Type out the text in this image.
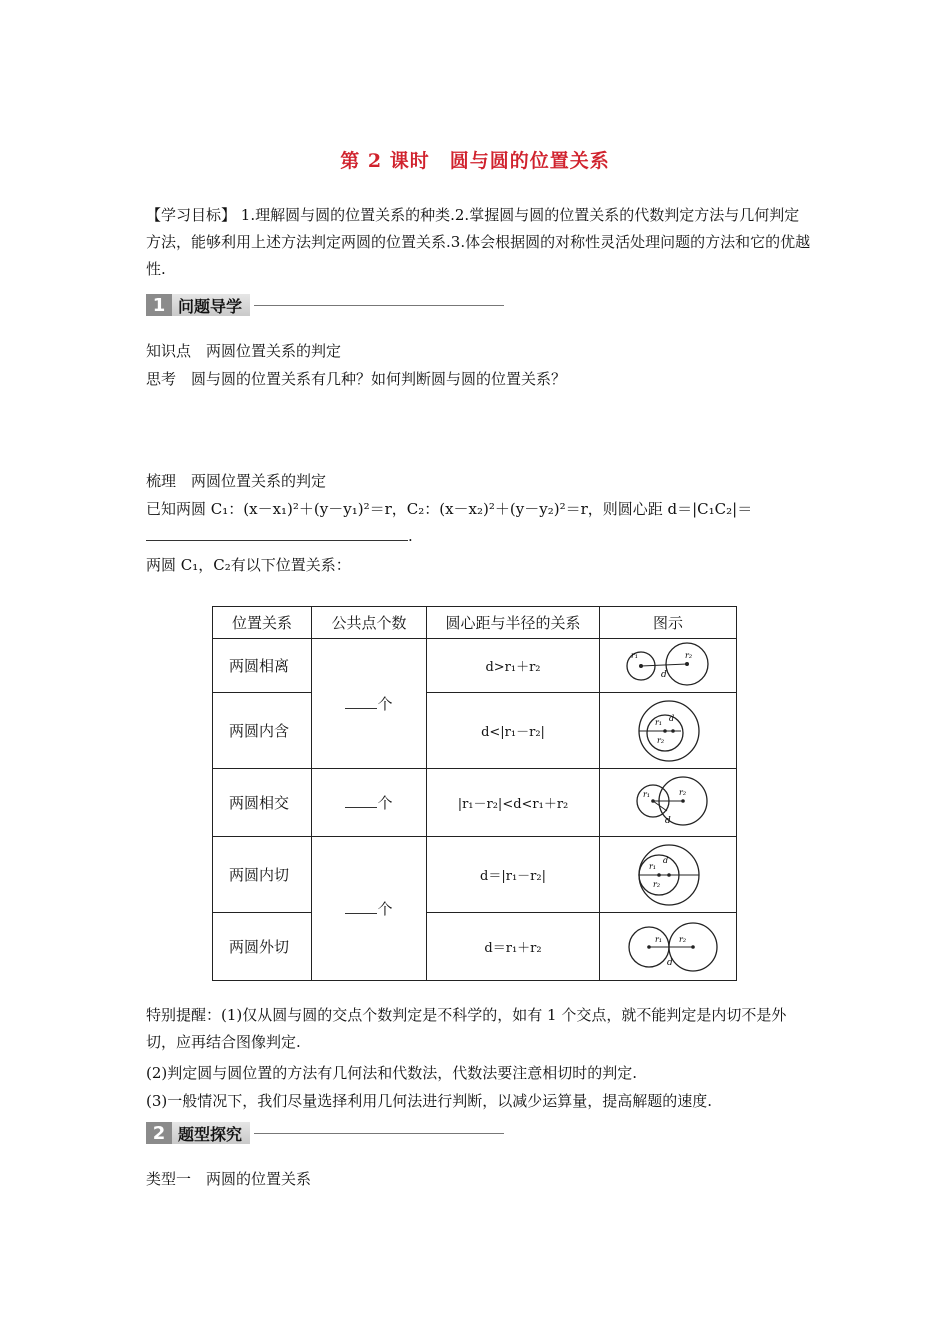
第 2 课时　圆与圆的位置关系
【学习目标】 1.理解圆与圆的位置关系的种类.2.掌握圆与圆的位置关系的代数判定方法与几何判定方法，能够利用上述方法判定两圆的位置关系.3.体会根据圆的对称性灵活处理问题的方法和它的优越性.
1 问题导学
知识点　两圆位置关系的判定
思考　圆与圆的位置关系有几种？如何判断圆与圆的位置关系？
梳理　两圆位置关系的判定
已知两圆 C₁：(x－x₁)²＋(y－y₁)²＝r，C₂：(x－x₂)²＋(y－y₂)²＝r，则圆心距 d＝|C₁C₂|＝
.
两圆 C₁，C₂有以下位置关系：
位置关系	公共点个数	圆心距与半径的关系	图示
两圆相离	个	d>r₁＋r₂	r₁ r₂
d

两圆内含		d<|r₁－r₂|	r₁ d
r₂

两圆相交	个	|r₁－r₂|<d<r₁＋r₂	r₁ r₂
d

两圆内切	个	d＝|r₁－r₂|	r₁
d
r₂

两圆外切		d＝r₁＋r₂	r₁ r₂
d
特别提醒：(1)仅从圆与圆的交点个数判定是不科学的，如有 1 个交点，就不能判定是内切不是外切，应再结合图像判定.
(2)判定圆与圆位置的方法有几何法和代数法，代数法要注意相切时的判定.
(3)一般情况下，我们尽量选择利用几何法进行判断，以减少运算量，提高解题的速度.
2 题型探究
类型一　两圆的位置关系
